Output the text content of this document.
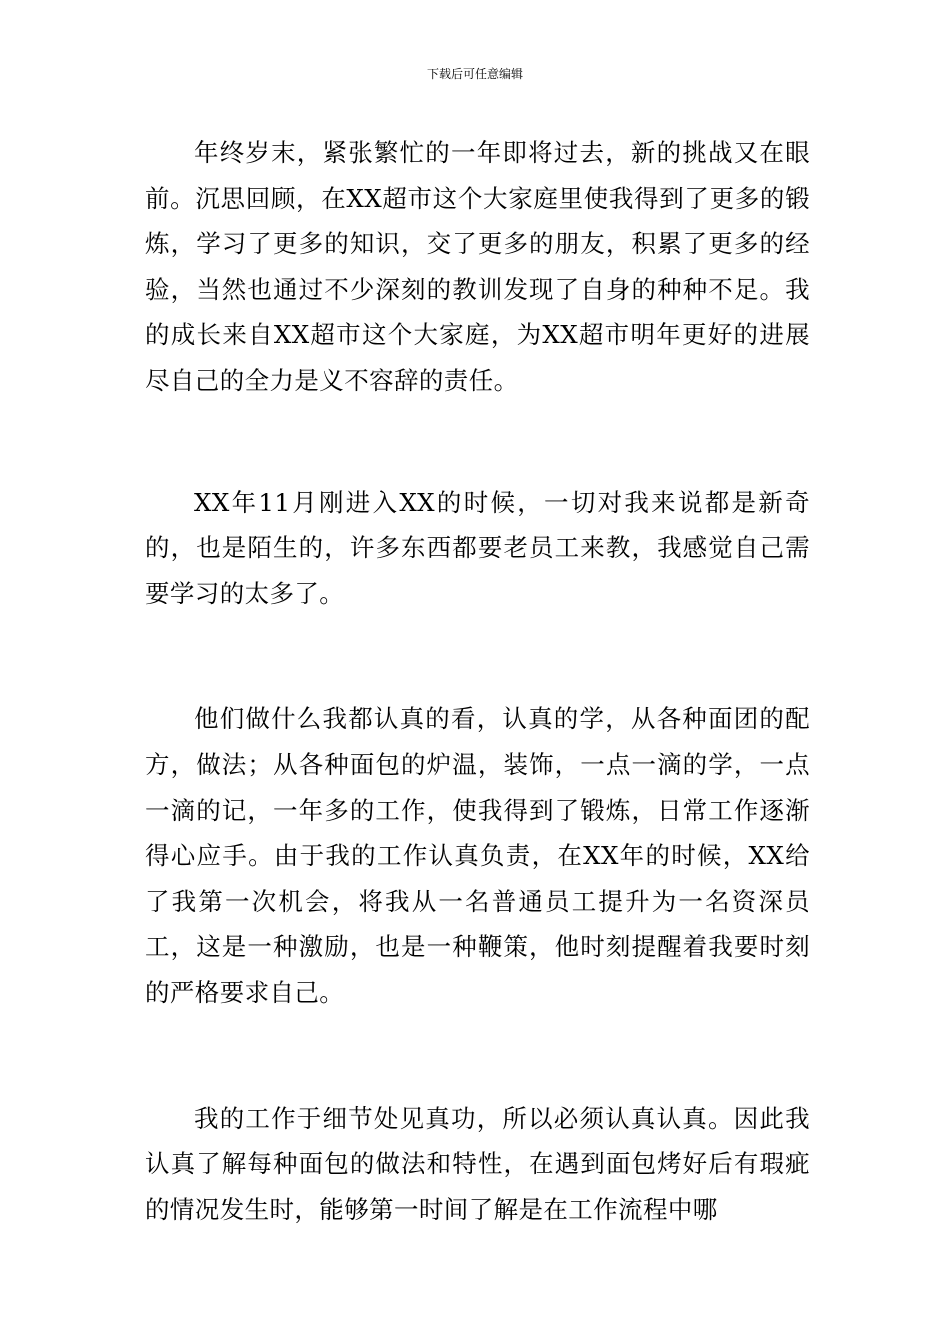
下载后可任意编辑

年终岁末，紧张繁忙的一年即将过去，新的挑战又在眼前。沉思回顾，在XX超市这个大家庭里使我得到了更多的锻炼，学习了更多的知识，交了更多的朋友，积累了更多的经验，当然也通过不少深刻的教训发现了自身的种种不足。我的成长来自XX超市这个大家庭，为XX超市明年更好的进展尽自己的全力是义不容辞的责任。

XX年11月刚进入XX的时候，一切对我来说都是新奇的，也是陌生的，许多东西都要老员工来教，我感觉自己需要学习的太多了。

他们做什么我都认真的看，认真的学，从各种面团的配方，做法；从各种面包的炉温，装饰，一点一滴的学，一点一滴的记，一年多的工作，使我得到了锻炼，日常工作逐渐得心应手。由于我的工作认真负责，在XX年的时候，XX给了我第一次机会，将我从一名普通员工提升为一名资深员工，这是一种激励，也是一种鞭策，他时刻提醒着我要时刻的严格要求自己。

我的工作于细节处见真功，所以必须认真认真。因此我认真了解每种面包的做法和特性，在遇到面包烤好后有瑕疵的情况发生时，能够第一时间了解是在工作流程中哪
